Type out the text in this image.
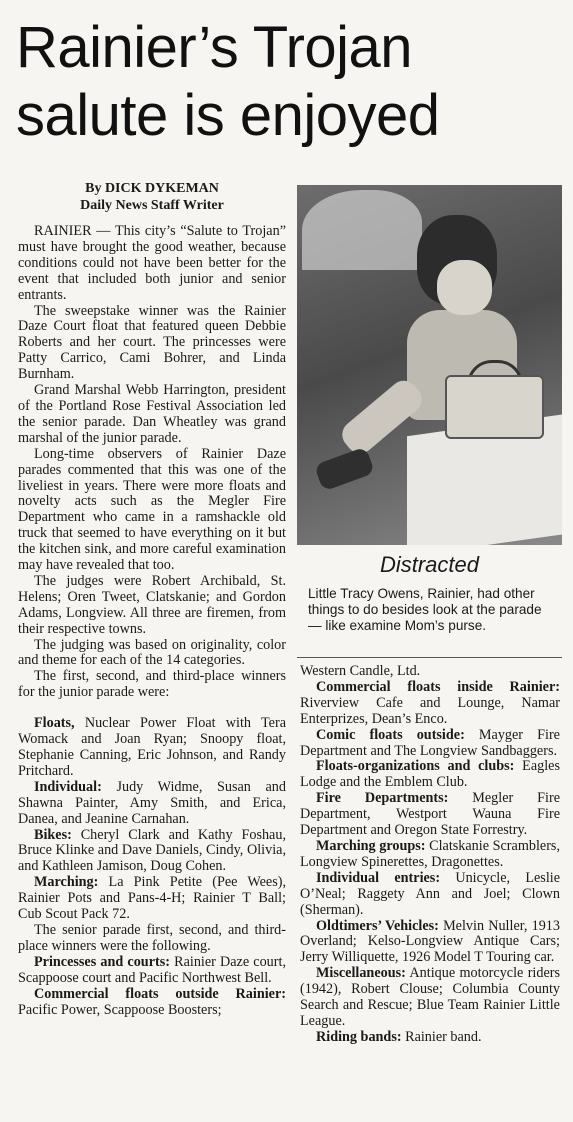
Rainier’s Trojan
salute is enjoyed
By DICK DYKEMAN
Daily News Staff Writer

RAINIER — This city’s “Salute to Trojan” must have brought the good weather, because conditions could not have been better for the event that included both junior and senior entrants.

The sweepstake winner was the Rainier Daze Court float that featured queen Debbie Roberts and her court. The princesses were Patty Carrico, Cami Bohrer, and Linda Burnham.

Grand Marshal Webb Harrington, president of the Portland Rose Festival Association led the senior parade. Dan Wheatley was grand marshal of the junior parade.

Long-time observers of Rainier Daze parades commented that this was one of the liveliest in years. There were more floats and novelty acts such as the Megler Fire Department who came in a ramshackle old truck that seemed to have everything on it but the kitchen sink, and more careful examination may have revealed that too.

The judges were Robert Archibald, St. Helens; Oren Tweet, Clatskanie; and Gordon Adams, Longview. All three are firemen, from their respective towns.

The judging was based on originality, color and theme for each of the 14 categories.

The first, second, and third-place winners for the junior parade were:

Floats, Nuclear Power Float with Tera Womack and Joan Ryan; Snoopy float, Stephanie Canning, Eric Johnson, and Randy Pritchard.

Individual: Judy Widme, Susan and Shawna Painter, Amy Smith, and Erica, Danea, and Jeanine Carnahan.

Bikes: Cheryl Clark and Kathy Foshau, Bruce Klinke and Dave Daniels, Cindy, Olivia, and Kathleen Jamison, Doug Cohen.

Marching: La Pink Petite (Pee Wees), Rainier Pots and Pans-4-H; Rainier T Ball; Cub Scout Pack 72.

The senior parade first, second, and third-place winners were the following.

Princesses and courts: Rainier Daze court, Scappoose court and Pacific Northwest Bell.

Commercial floats outside Rainier: Pacific Power, Scappoose Boosters;

Distracted

Little Tracy Owens, Rainier, had other things to do besides look at the parade — like examine Mom’s purse.

Western Candle, Ltd.

Commercial floats inside Rainier: Riverview Cafe and Lounge, Namar Enterprizes, Dean’s Enco.

Comic floats outside: Mayger Fire Department and The Longview Sandbaggers.

Floats-organizations and clubs: Eagles Lodge and the Emblem Club.

Fire Departments: Megler Fire Department, Westport Wauna Fire Department and Oregon State Forrestry.

Marching groups: Clatskanie Scramblers, Longview Spinerettes, Dragonettes.

Individual entries: Unicycle, Leslie O’Neal; Raggety Ann and Joel; Clown (Sherman).

Oldtimers’ Vehicles: Melvin Nuller, 1913 Overland; Kelso-Longview Antique Cars; Jerry Williquette, 1926 Model T Touring car.

Miscellaneous: Antique motorcycle riders (1942), Robert Clouse; Columbia County Search and Rescue; Blue Team Rainier Little League.

Riding bands: Rainier band.
